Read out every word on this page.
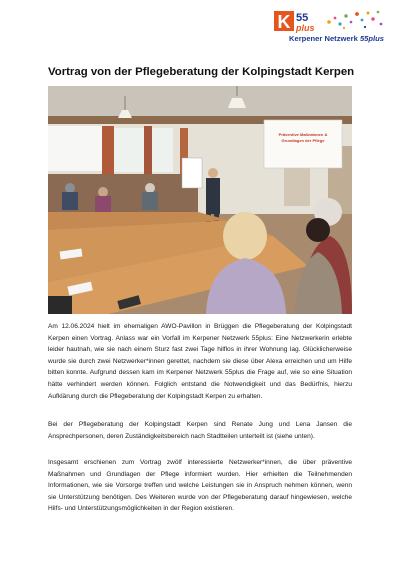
K 55
plus
Kerpener Netzwerk 55plus
Vortrag von der Pflegeberatung der Kolpingstadt Kerpen
Präventive Maßnahmen &
Grundlagen der Pflege

Am 12.06.2024 hielt im ehemaligen AWO-Pavillon in Brüggen die Pflegeberatung der Kolpingstadt Kerpen einen Vortrag. Anlass war ein Vorfall im Kerpener Netzwerk 55plus: Eine Netzwerkerin erlebte leider hautnah, wie sie nach einem Sturz fast zwei Tage hilflos in ihrer Wohnung lag. Glücklicherweise wurde sie durch zwei Netzwerker*innen gerettet, nachdem sie diese über Alexa erreichen und um Hilfe bitten konnte. Aufgrund dessen kam im Kerpener Netzwerk 55plus die Frage auf, wie so eine Situation hätte verhindert werden können. Folglich entstand die Notwendigkeit und das Bedürfnis, hierzu Aufklärung durch die Pflegeberatung der Kolpingstadt Kerpen zu erhalten.

Bei der Pflegeberatung der Kolpingstadt Kerpen sind Renate Jung und Lena Jansen die Ansprechpersonen, deren Zuständigkeitsbereich nach Stadtteilen unterteilt ist (siehe unten).

Insgesamt erschienen zum Vortrag zwölf interessierte Netzwerker*innen, die über präventive Maßnahmen und Grundlagen der Pflege informiert wurden. Hier erhielten die Teilnehmenden Informationen, wie sie Vorsorge treffen und welche Leistungen sie in Anspruch nehmen können, wenn sie Unterstützung benötigen. Des Weiteren wurde von der Pflegeberatung darauf hingewiesen, welche Hilfs- und Unterstützungsmöglichkeiten in der Region existieren.
